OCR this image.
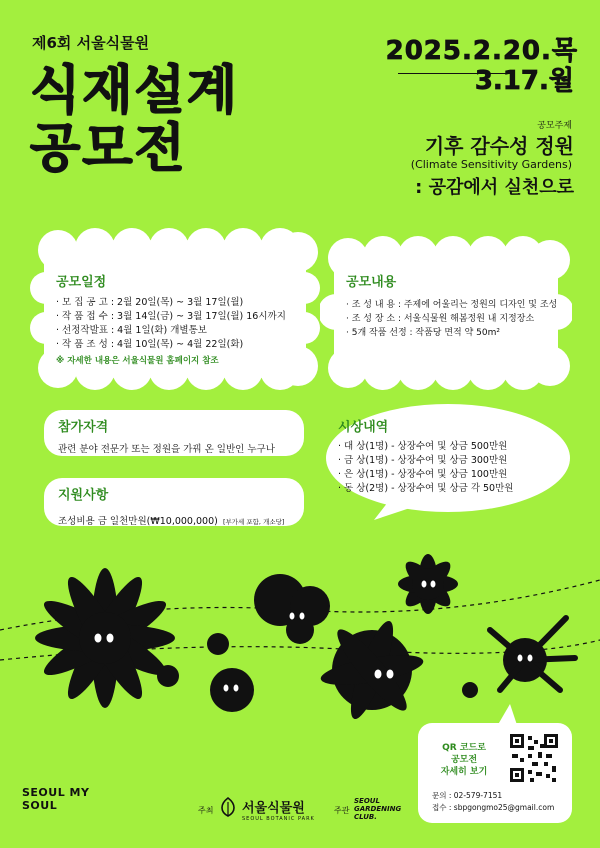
제6회 서울식물원
식재설계
공모전
2025.2.20.목
3.17.월
공모주제
기후 감수성 정원
(Climate Sensitivity Gardens)
: 공감에서 실천으로
공모일정
· 모 집 공 고 : 2월 20일(목) ~ 3월 17일(월)
· 작 품 접 수 : 3월 14일(금) ~ 3월 17일(월) 16시까지
· 선정작발표 : 4월 1일(화) 개별통보
· 작 품 조 성 : 4월 10일(목) ~ 4월 22일(화)
※ 자세한 내용은 서울식물원 홈페이지 참조
공모내용
· 조 성 내 용 : 주제에 어울리는 정원의 디자인 및 조성
· 조 성 장 소 : 서울식물원 해봄정원 내 지정장소
· 5개 작품 선정 : 작품당 면적 약 50m²
참가자격
관련 분야 전문가 또는 정원을 가꿔 온 일반인 누구나
지원사항
조성비용 금 일천만원(₩10,000,000) [부가세 포함, 개소당]
시상내역
· 대 상(1명) - 상장수여 및 상금 500만원
· 금 상(1명) - 상장수여 및 상금 300만원
· 은 상(1명) - 상장수여 및 상금 100만원
· 동 상(2명) - 상장수여 및 상금 각 50만원
QR 코드로
공모전
자세히 보기
문의 : 02-579-7151
접수 : sbpgongmo25@gmail.com
SEOUL MY SOUL	주최 서울식물원
SEOUL BOTANIC PARK
주관
SEOUL GARDENING CLUB.
